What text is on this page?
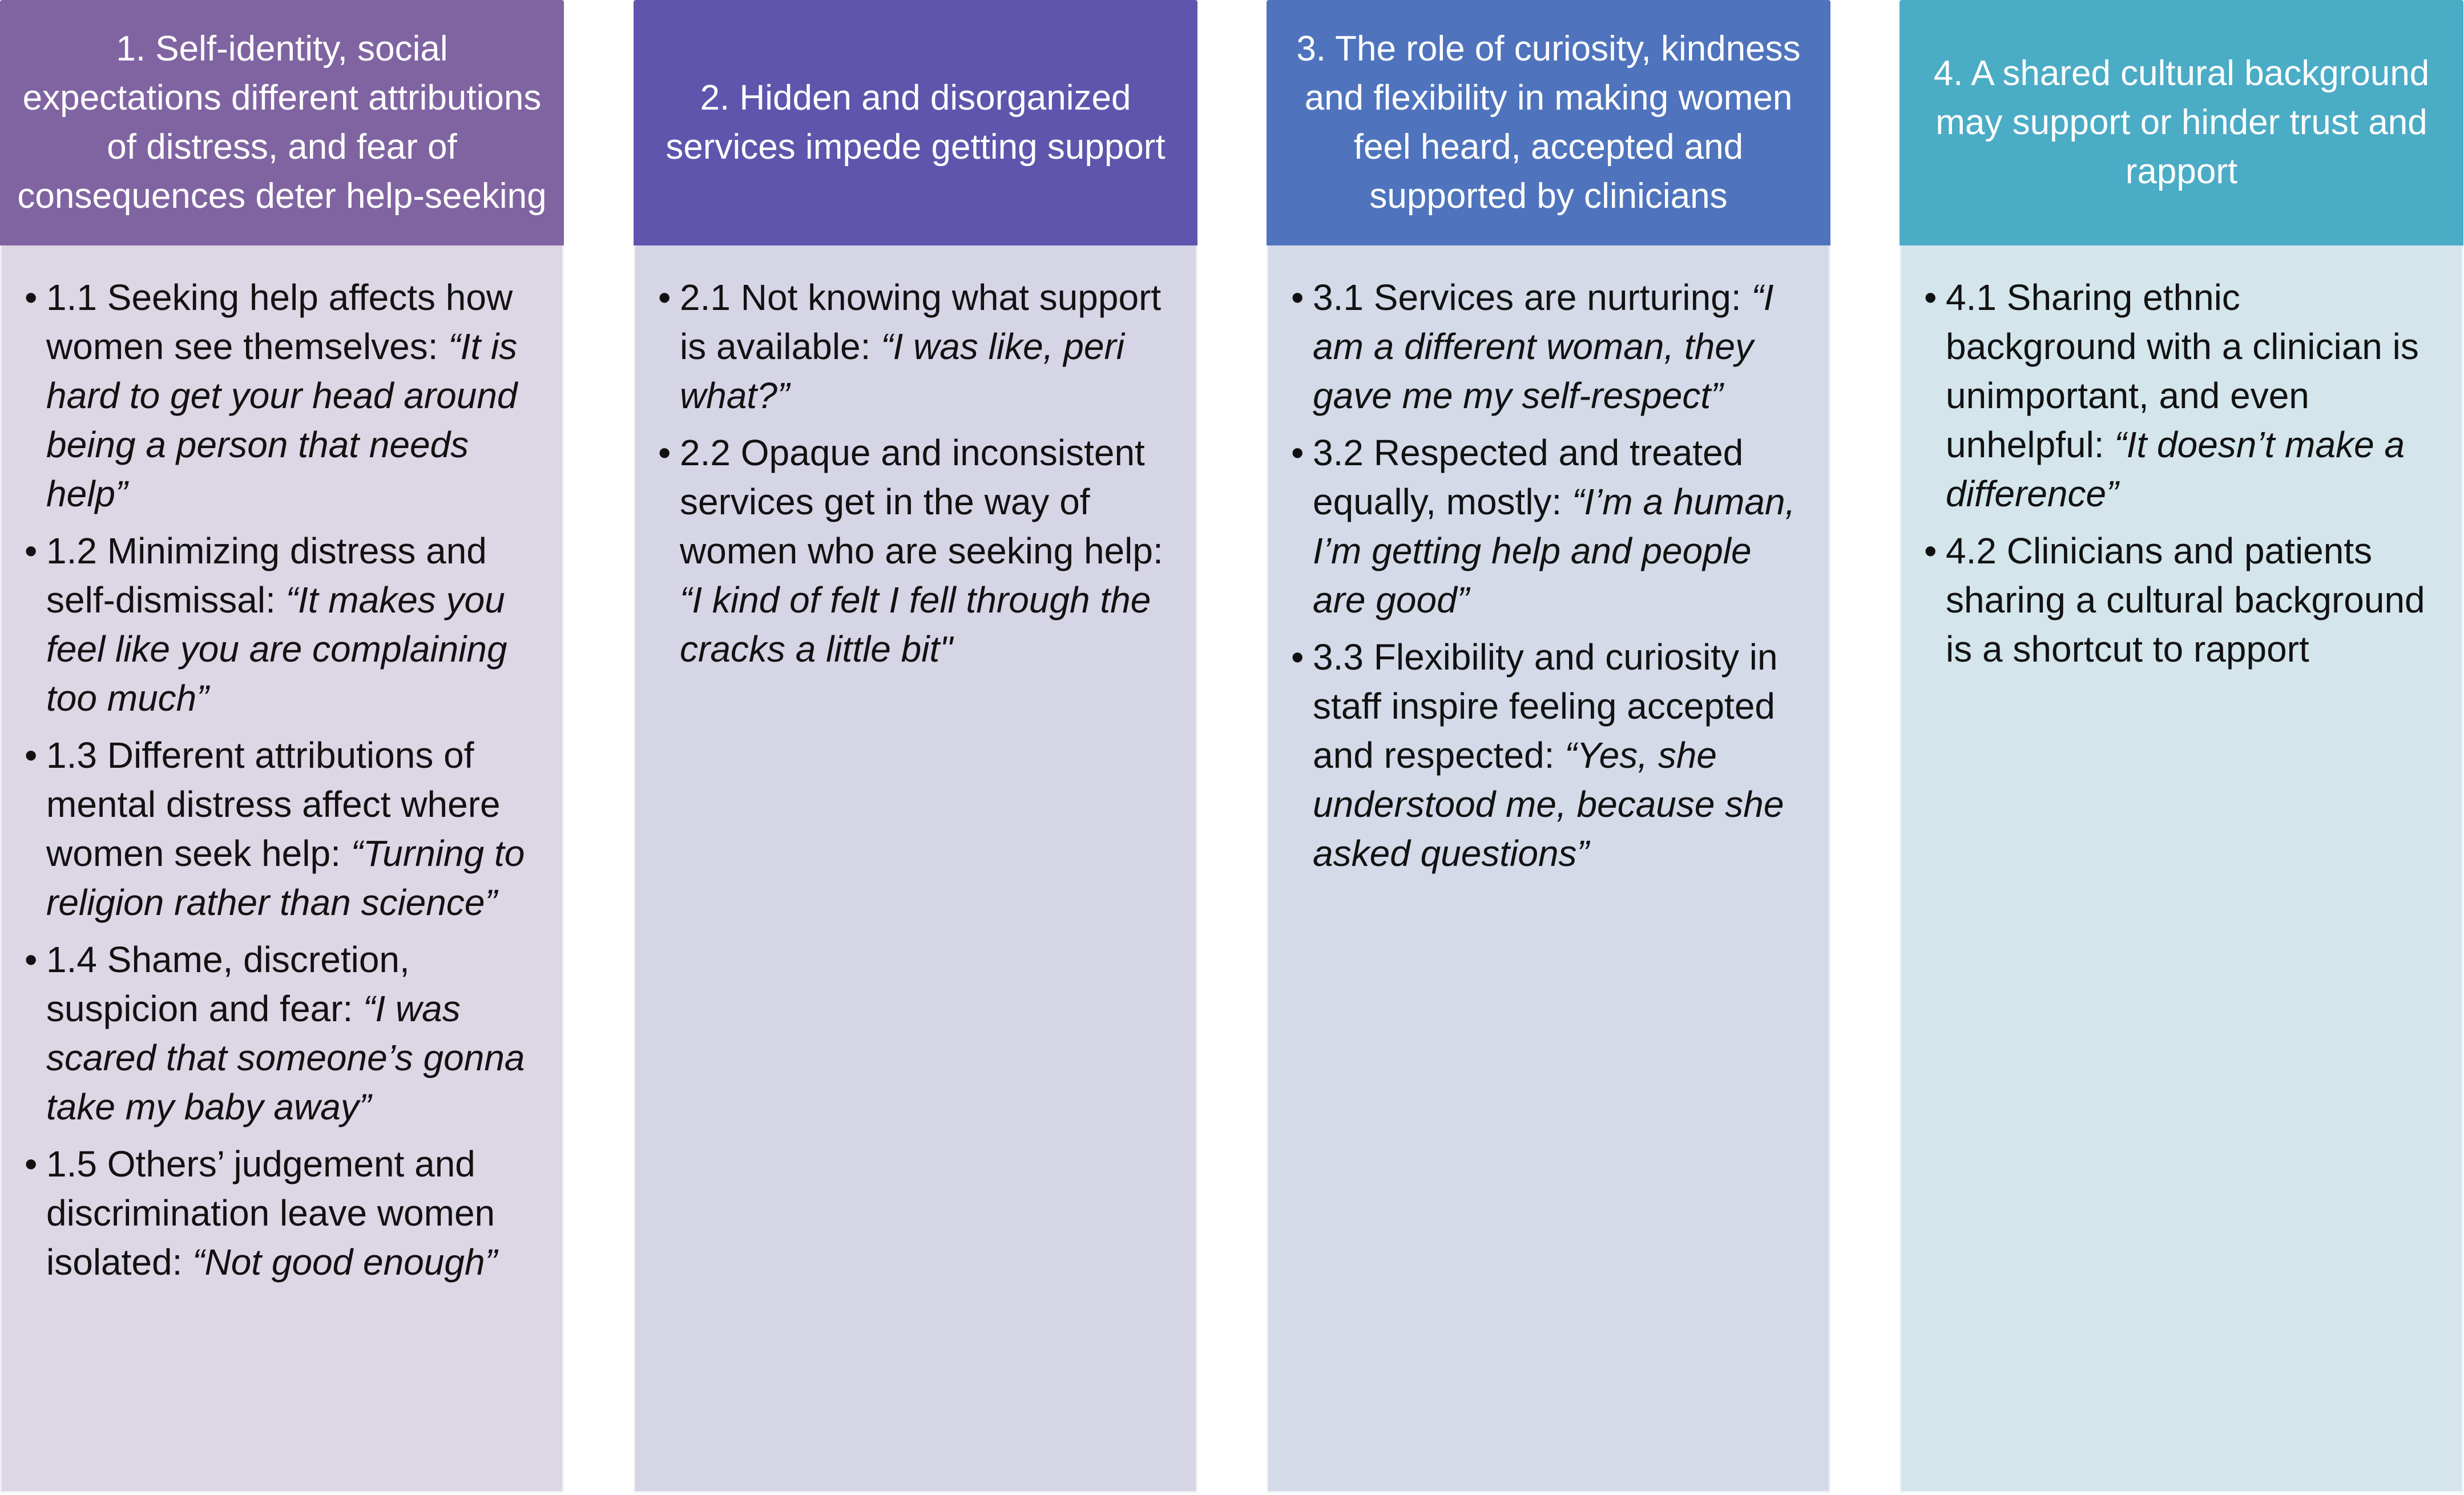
1. Self-identity, social expectations different attributions of distress, and fear of consequences deter help-seeking
• 1.1 Seeking help affects how women see themselves: “It is hard to get your head around being a person that needs help”
• 1.2 Minimizing distress and self-dismissal: “It makes you feel like you are complaining too much”
• 1.3 Different attributions of mental distress affect where women seek help: “Turning to religion rather than science”
• 1.4 Shame, discretion, suspicion and fear: “I was scared that someone’s gonna take my baby away”
• 1.5 Others’ judgement and discrimination leave women isolated: “Not good enough”
2. Hidden and disorganized services impede getting support
• 2.1 Not knowing what support is available: “I was like, peri what?”
• 2.2 Opaque and inconsistent services get in the way of women who are seeking help: “I kind of felt I fell through the cracks a little bit"
3. The role of curiosity, kindness and flexibility in making women feel heard, accepted and supported by clinicians
• 3.1 Services are nurturing: “I am a different woman, they gave me my self-respect”
• 3.2 Respected and treated equally, mostly: “I’m a human, I’m getting help and people are good”
• 3.3 Flexibility and curiosity in staff inspire feeling accepted and respected: “Yes, she understood me, because she asked questions”
4. A shared cultural background may support or hinder trust and rapport
• 4.1 Sharing ethnic background with a clinician is unimportant, and even unhelpful: “It doesn’t make a difference”
• 4.2 Clinicians and patients sharing a cultural background is a shortcut to rapport
